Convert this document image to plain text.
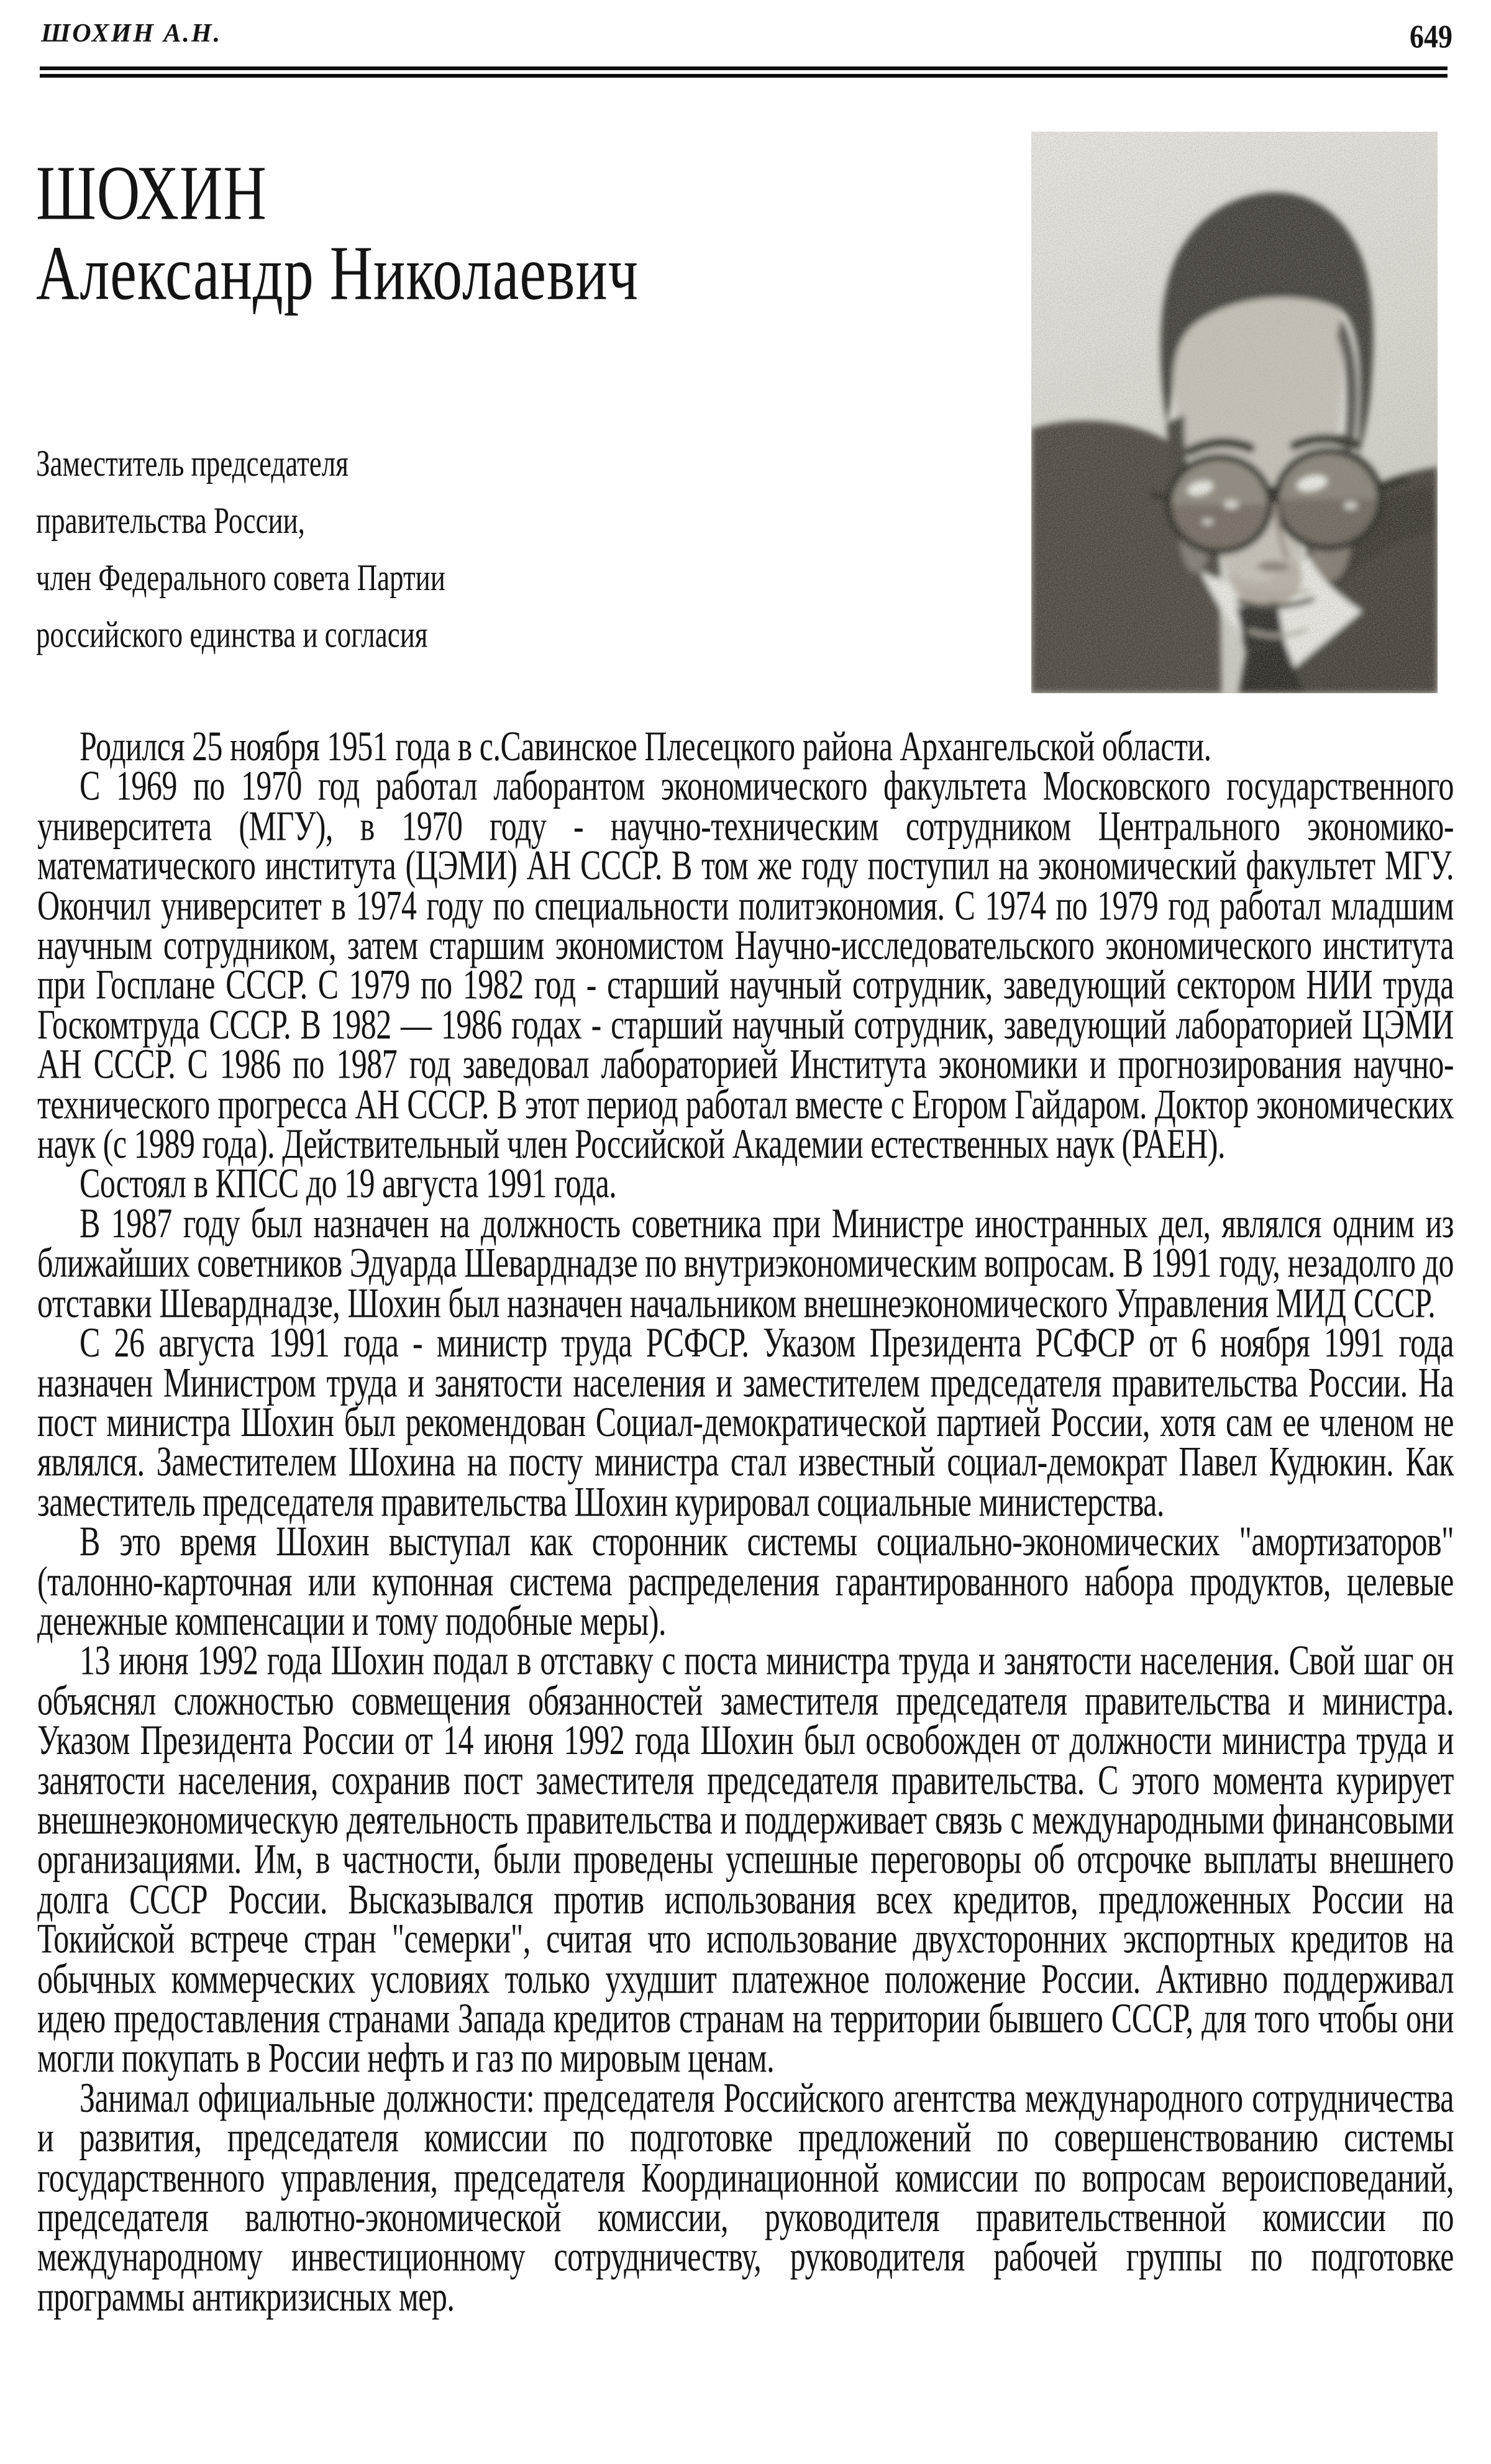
ШОХИН А.Н.	649
ШОХИН
Александр Николаевич
Заместитель председателя
правительства России,
член Федерального совета Партии
российского единства и согласия

Родился 25 ноября 1951 года в с.Савинское Плесецкого района Архангельской области.

С 1969 по 1970 год работал лаборантом экономического факультета Московского государственного университета (МГУ), в 1970 году - научно-техническим сотрудником Центрального экономико-математического института (ЦЭМИ) АН СССР. В том же году поступил на экономический факультет МГУ. Окончил университет в 1974 году по специальности политэкономия. С 1974 по 1979 год работал младшим научным сотрудником, затем старшим экономистом Научно-исследовательского экономического института при Госплане СССР. С 1979 по 1982 год - старший научный сотрудник, заведующий сектором НИИ труда Госкомтруда СССР. В 1982 — 1986 годах - старший научный сотрудник, заведующий лабораторией ЦЭМИ АН СССР. С 1986 по 1987 год заведовал лабораторией Института экономики и прогнозирования научно-технического прогресса АН СССР. В этот период работал вместе с Егором Гайдаром. Доктор экономических наук (с 1989 года). Действительный член Российской Академии естественных наук (РАЕН).

Состоял в КПСС до 19 августа 1991 года.

В 1987 году был назначен на должность советника при Министре иностранных дел, являлся одним из ближайших советников Эдуарда Шеварднадзе по внутриэкономическим вопросам. В 1991 году, незадолго до отставки Шеварднадзе, Шохин был назначен начальником внешнеэкономического Управления МИД СССР.

С 26 августа 1991 года - министр труда РСФСР. Указом Президента РСФСР от 6 ноября 1991 года назначен Министром труда и занятости населения и заместителем председателя правительства России. На пост министра Шохин был рекомендован Социал-демократической партией России, хотя сам ее членом не являлся. Заместителем Шохина на посту министра стал известный социал-демократ Павел Кудюкин. Как заместитель председателя правительства Шохин курировал социальные министерства.

В это время Шохин выступал как сторонник системы социально-экономических "амортизаторов" (талонно-карточная или купонная система распределения гарантированного набора продуктов, целевые денежные компенсации и тому подобные меры).

13 июня 1992 года Шохин подал в отставку с поста министра труда и занятости населения. Свой шаг он объяснял сложностью совмещения обязанностей заместителя председателя правительства и министра. Указом Президента России от 14 июня 1992 года Шохин был освобожден от должности министра труда и занятости населения, сохранив пост заместителя председателя правительства. С этого момента курирует внешнеэкономическую деятельность правительства и поддерживает связь с международными финансовыми организациями. Им, в частности, были проведены успешные переговоры об отсрочке выплаты внешнего долга СССР России. Высказывался против использования всех кредитов, предложенных России на Токийской встрече стран "семерки", считая что использование двухсторонних экспортных кредитов на обычных коммерческих условиях только ухудшит платежное положение России. Активно поддерживал идею предоставления странами Запада кредитов странам на территории бывшего СССР, для того чтобы они могли покупать в России нефть и газ по мировым ценам.

Занимал официальные должности: председателя Российского агентства международного сотрудничества и развития, председателя комиссии по подготовке предложений по совершенствованию системы государственного управления, председателя Координационной комиссии по вопросам вероисповеданий, председателя валютно-экономической комиссии, руководителя правительственной комиссии по международному инвестиционному сотрудничеству, руководителя рабочей группы по подготовке программы антикризисных мер.
